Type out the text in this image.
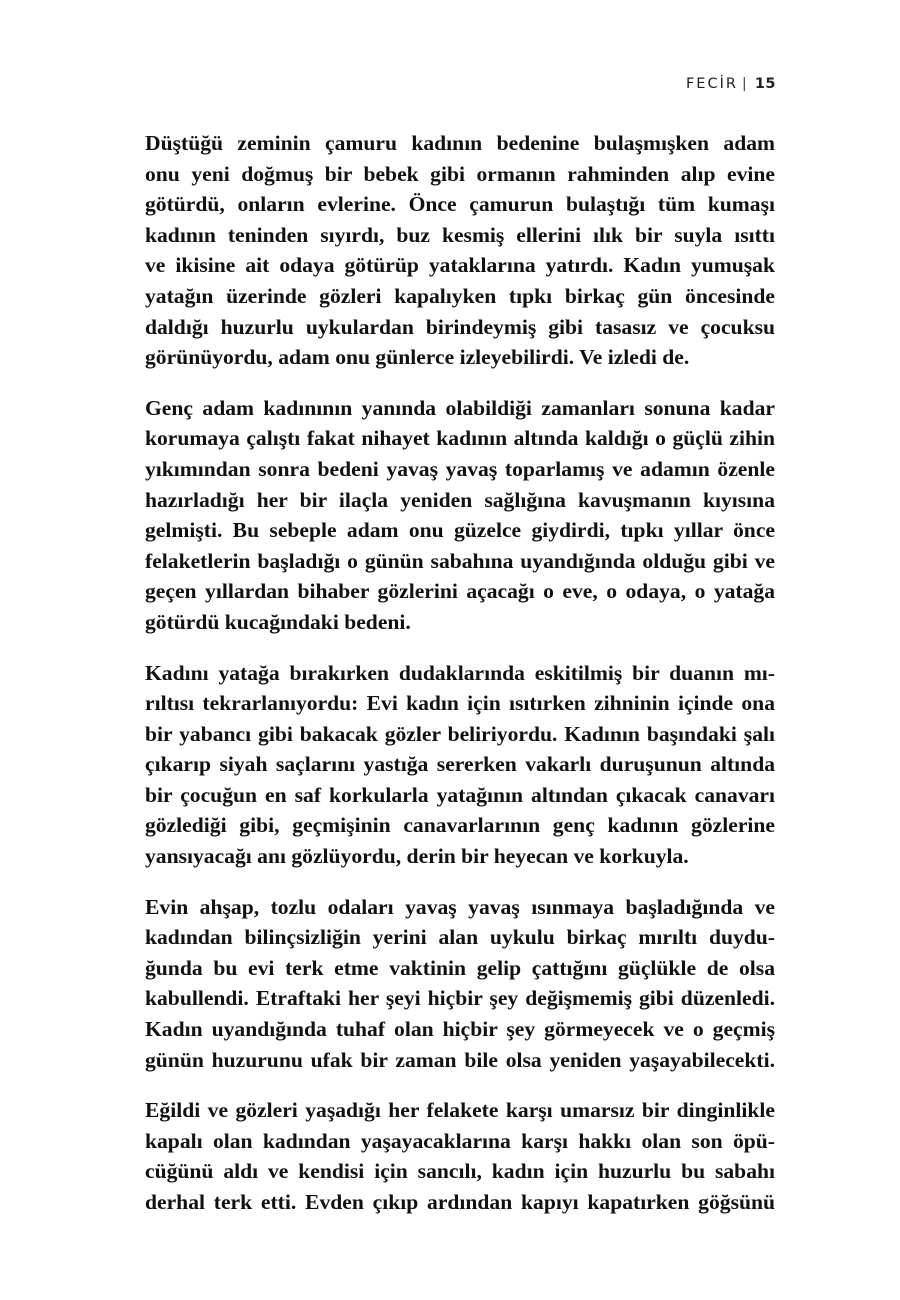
FECİR | 15

Düştüğü zeminin çamuru kadının bedenine bulaşmışken adam
onu yeni doğmuş bir bebek gibi ormanın rahminden alıp evine
götürdü, onların evlerine. Önce çamurun bulaştığı tüm kumaşı
kadının teninden sıyırdı, buz kesmiş ellerini ılık bir suyla ısıttı
ve ikisine ait odaya götürüp yataklarına yatırdı. Kadın yumuşak
yatağın üzerinde gözleri kapalıyken tıpkı birkaç gün öncesinde
daldığı huzurlu uykulardan birindeymiş gibi tasasız ve çocuksu
görünüyordu, adam onu günlerce izleyebilirdi. Ve izledi de.

Genç adam kadınının yanında olabildiği zamanları sonuna kadar
korumaya çalıştı fakat nihayet kadının altında kaldığı o güçlü zihin
yıkımından sonra bedeni yavaş yavaş toparlamış ve adamın özenle
hazırladığı her bir ilaçla yeniden sağlığına kavuşmanın kıyısına
gelmişti. Bu sebeple adam onu güzelce giydirdi, tıpkı yıllar önce
felaketlerin başladığı o günün sabahına uyandığında olduğu gibi ve
geçen yıllardan bihaber gözlerini açacağı o eve, o odaya, o yatağa
götürdü kucağındaki bedeni.

Kadını yatağa bırakırken dudaklarında eskitilmiş bir duanın mı-
rıltısı tekrarlanıyordu: Evi kadın için ısıtırken zihninin içinde ona
bir yabancı gibi bakacak gözler beliriyordu. Kadının başındaki şalı
çıkarıp siyah saçlarını yastığa sererken vakarlı duruşunun altında
bir çocuğun en saf korkularla yatağının altından çıkacak canavarı
gözlediği gibi, geçmişinin canavarlarının genç kadının gözlerine
yansıyacağı anı gözlüyordu, derin bir heyecan ve korkuyla.

Evin ahşap, tozlu odaları yavaş yavaş ısınmaya başladığında ve
kadından bilinçsizliğin yerini alan uykulu birkaç mırıltı duydu-
ğunda bu evi terk etme vaktinin gelip çattığını güçlükle de olsa
kabullendi. Etraftaki her şeyi hiçbir şey değişmemiş gibi düzenledi.
Kadın uyandığında tuhaf olan hiçbir şey görmeyecek ve o geçmiş
günün huzurunu ufak bir zaman bile olsa yeniden yaşayabilecekti.

Eğildi ve gözleri yaşadığı her felakete karşı umarsız bir dinginlikle
kapalı olan kadından yaşayacaklarına karşı hakkı olan son öpü-
cüğünü aldı ve kendisi için sancılı, kadın için huzurlu bu sabahı
derhal terk etti. Evden çıkıp ardından kapıyı kapatırken göğsünü
